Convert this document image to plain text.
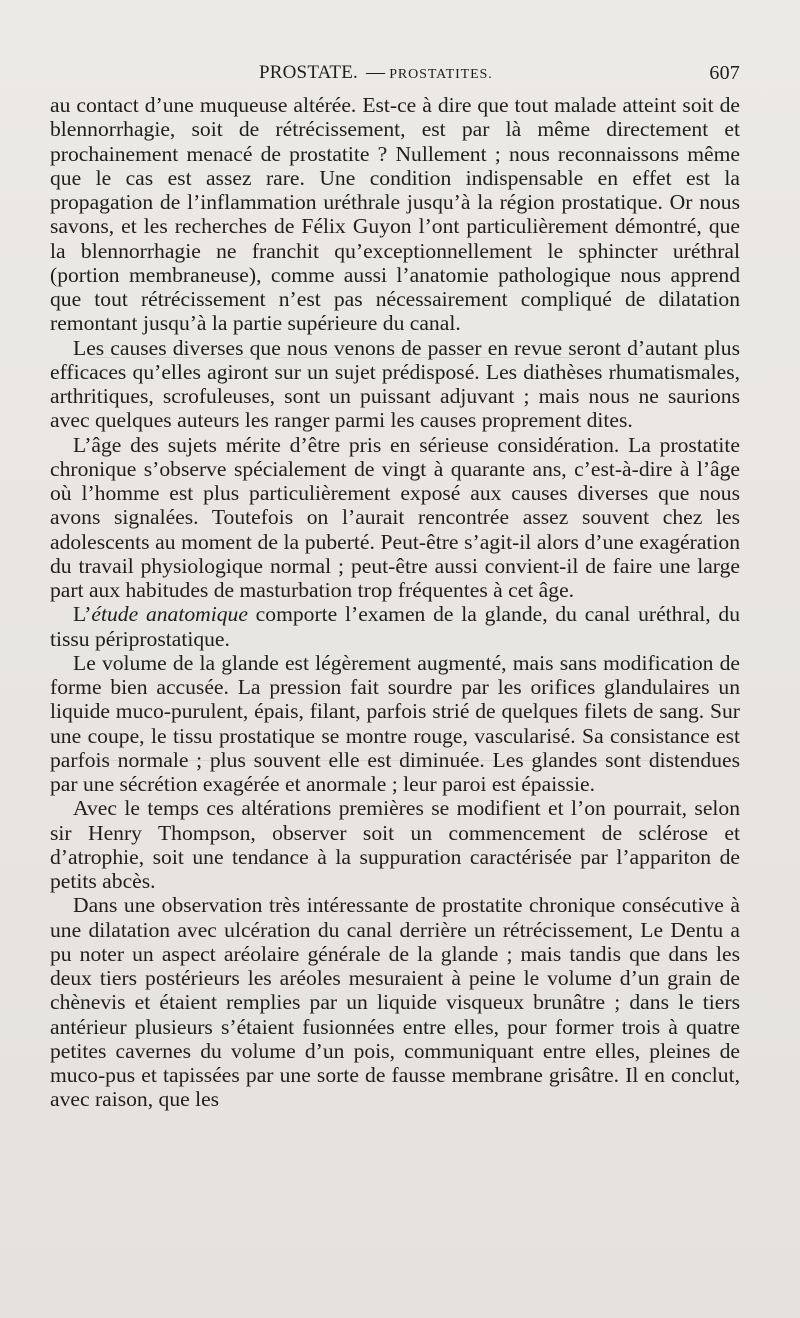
PROSTATE. — PROSTATITES.	607

au contact d’une muqueuse altérée. Est-ce à dire que tout malade atteint soit de blennorrhagie, soit de rétrécissement, est par là même directement et prochainement menacé de prostatite ? Nullement ; nous reconnaissons même que le cas est assez rare. Une condition indispensable en effet est la propagation de l’inflammation uréthrale jusqu’à la région prostatique. Or nous savons, et les recherches de Félix Guyon l’ont particulièrement démontré, que la blennorrhagie ne franchit qu’exceptionnellement le sphincter uréthral (portion membraneuse), comme aussi l’anatomie pathologique nous apprend que tout rétrécissement n’est pas nécessairement compliqué de dilatation remontant jusqu’à la partie supérieure du canal.

Les causes diverses que nous venons de passer en revue seront d’autant plus efficaces qu’elles agiront sur un sujet prédisposé. Les diathèses rhumatismales, arthritiques, scrofuleuses, sont un puissant adjuvant ; mais nous ne saurions avec quelques auteurs les ranger parmi les causes proprement dites.

L’âge des sujets mérite d’être pris en sérieuse considération. La prostatite chronique s’observe spécialement de vingt à quarante ans, c’est-à-dire à l’âge où l’homme est plus particulièrement exposé aux causes diverses que nous avons signalées. Toutefois on l’aurait rencontrée assez souvent chez les adolescents au moment de la puberté. Peut-être s’agit-il alors d’une exagération du travail physiologique normal ; peut-être aussi convient-il de faire une large part aux habitudes de masturbation trop fréquentes à cet âge.

L’étude anatomique comporte l’examen de la glande, du canal uréthral, du tissu périprostatique.

Le volume de la glande est légèrement augmenté, mais sans modification de forme bien accusée. La pression fait sourdre par les orifices glandulaires un liquide muco-purulent, épais, filant, parfois strié de quelques filets de sang. Sur une coupe, le tissu prostatique se montre rouge, vascularisé. Sa consistance est parfois normale ; plus souvent elle est diminuée. Les glandes sont distendues par une sécrétion exagérée et anormale ; leur paroi est épaissie.

Avec le temps ces altérations premières se modifient et l’on pourrait, selon sir Henry Thompson, observer soit un commencement de sclérose et d’atrophie, soit une tendance à la suppuration caractérisée par l’appariton de petits abcès.

Dans une observation très intéressante de prostatite chronique consécutive à une dilatation avec ulcération du canal derrière un rétrécissement, Le Dentu a pu noter un aspect aréolaire générale de la glande ; mais tandis que dans les deux tiers postérieurs les aréoles mesuraient à peine le volume d’un grain de chènevis et étaient remplies par un liquide visqueux brunâtre ; dans le tiers antérieur plusieurs s’étaient fusionnées entre elles, pour former trois à quatre petites cavernes du volume d’un pois, communiquant entre elles, pleines de muco-pus et tapissées par une sorte de fausse membrane grisâtre. Il en conclut, avec raison, que les
